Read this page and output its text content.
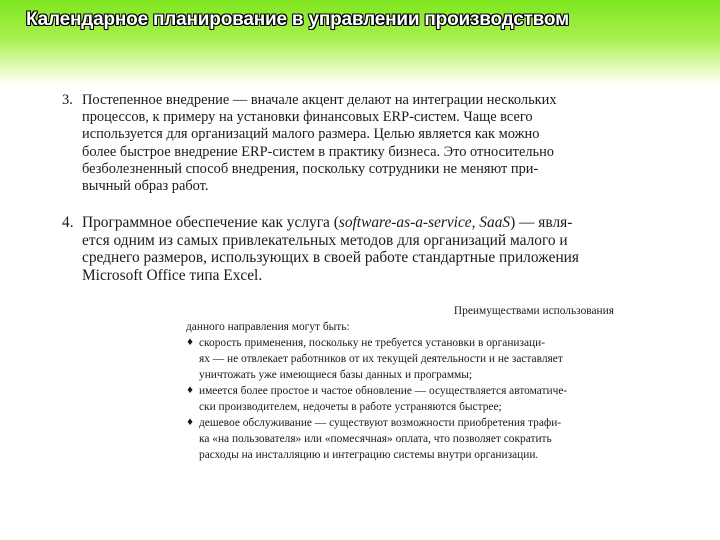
Календарное планирование в управлении производством
3. Постепенное внедрение — вначале акцент делают на интеграции нескольких
процессов, к примеру на установки финансовых ERP-систем. Чаще всего
используется для организаций малого размера. Целью является как можно
более быстрое внедрение ERP-систем в практику бизнеса. Это относительно
безболезненный способ внедрения, поскольку сотрудники не меняют при-
вычный образ работ.
4. Программное обеспечение как услуга (software-as-a-service, SaaS) — явля-
ется одним из самых привлекательных методов для организаций малого и
среднего размеров, использующих в своей работе стандартные приложения
Microsoft Office типа Excel.
Преимуществами использования
данного направления могут быть:
♦ скорость применения, поскольку не требуется установки в организаци-
ях — не отвлекает работников от их текущей деятельности и не заставляет
уничтожать уже имеющиеся базы данных и программы;
♦ имеется более простое и частое обновление — осуществляется автоматиче-
ски производителем, недочеты в работе устраняются быстрее;
♦ дешевое обслуживание — существуют возможности приобретения трафи-
ка «на пользователя» или «помесячная» оплата, что позволяет сократить
расходы на инсталляцию и интеграцию системы внутри организации.
